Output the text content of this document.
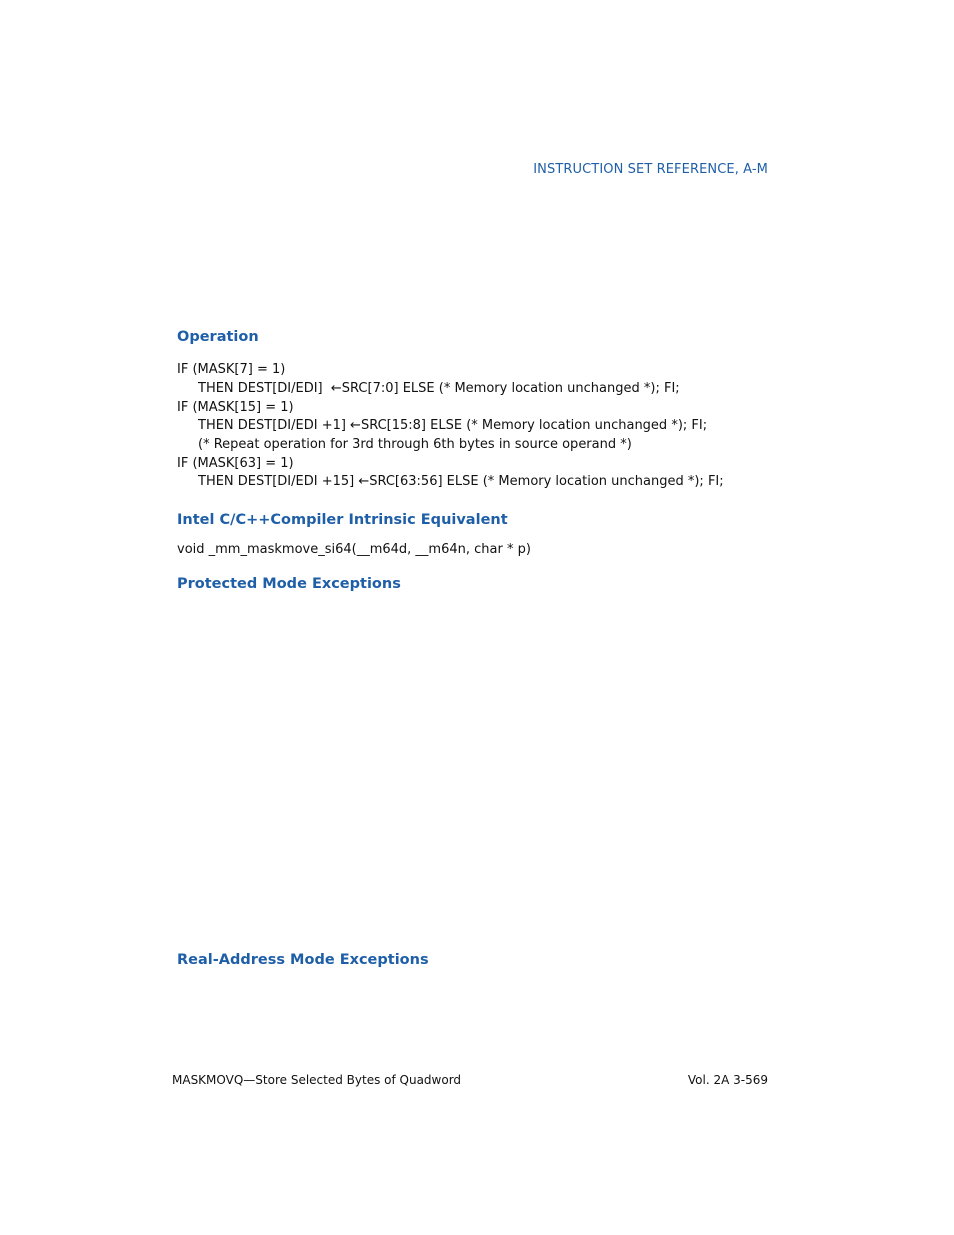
INSTRUCTION SET REFERENCE, A-M
Operation
IF (MASK[7] = 1)
THEN DEST[DI/EDI]  ←SRC[7:0] ELSE (* Memory location unchanged *); FI;
IF (MASK[15] = 1)
THEN DEST[DI/EDI +1] ←SRC[15:8] ELSE (* Memory location unchanged *); FI;
(* Repeat operation for 3rd through 6th bytes in source operand *)
IF (MASK[63] = 1)
THEN DEST[DI/EDI +15] ←SRC[63:56] ELSE (* Memory location unchanged *); FI;
Intel C/C++Compiler Intrinsic Equivalent
void _mm_maskmove_si64(__m64d, __m64n, char * p)
Protected Mode Exceptions
Real-Address Mode Exceptions
MASKMOVQ—Store Selected Bytes of Quadword	Vol. 2A 3-569
